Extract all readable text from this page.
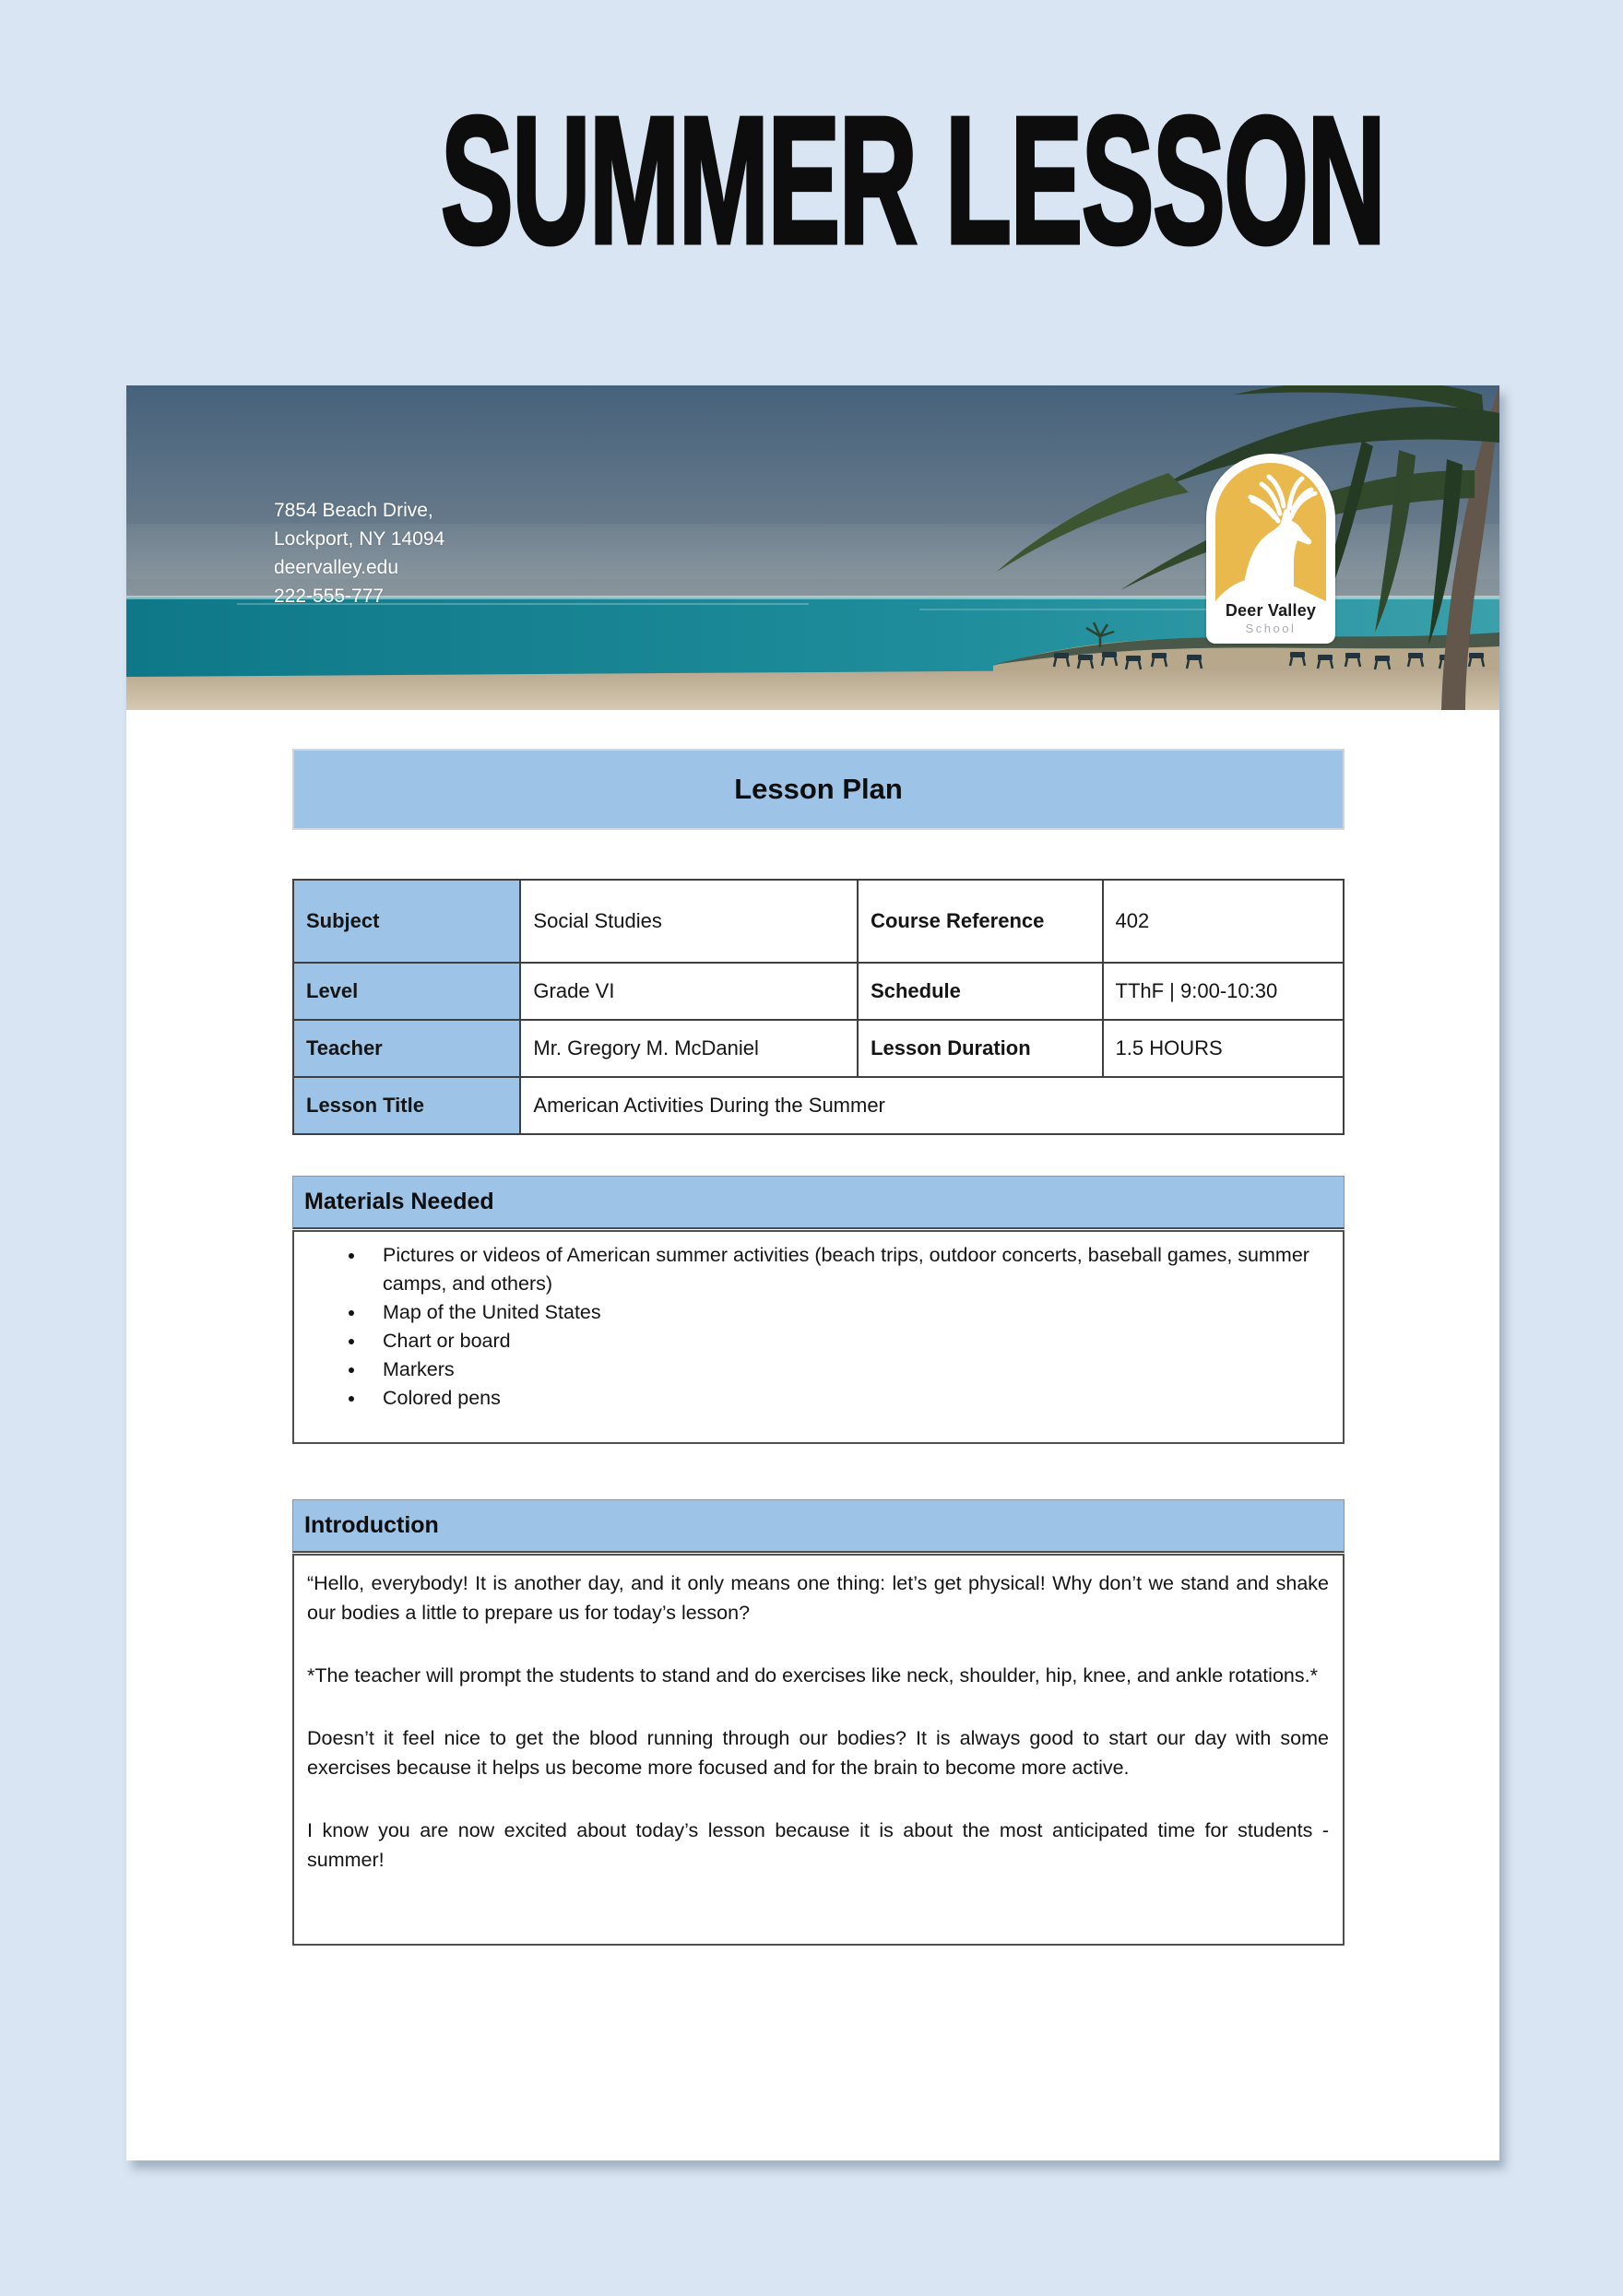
SUMMER LESSON
7854 Beach Drive,
Lockport, NY 14094
deervalley.edu
222-555-777
Deer Valley
School
Lesson Plan
Subject	Social Studies	Course Reference	402
Level	Grade VI	Schedule	TThF | 9:00-10:30
Teacher	Mr. Gregory M. McDaniel	Lesson Duration	1.5 HOURS
Lesson Title	American Activities During the Summer		
Materials Needed
• Pictures or videos of American summer activities (beach trips, outdoor concerts, baseball games, summer camps, and others)
• Map of the United States
• Chart or board
• Markers
• Colored pens
Introduction

“Hello, everybody! It is another day, and it only means one thing: let’s get physical! Why don’t we stand and shake our bodies a little to prepare us for today’s lesson?

*The teacher will prompt the students to stand and do exercises like neck, shoulder, hip, knee, and ankle rotations.*

Doesn’t it feel nice to get the blood running through our bodies? It is always good to start our day with some exercises because it helps us become more focused and for the brain to become more active.

I know you are now excited about today’s lesson because it is about the most anticipated time for students - summer!
